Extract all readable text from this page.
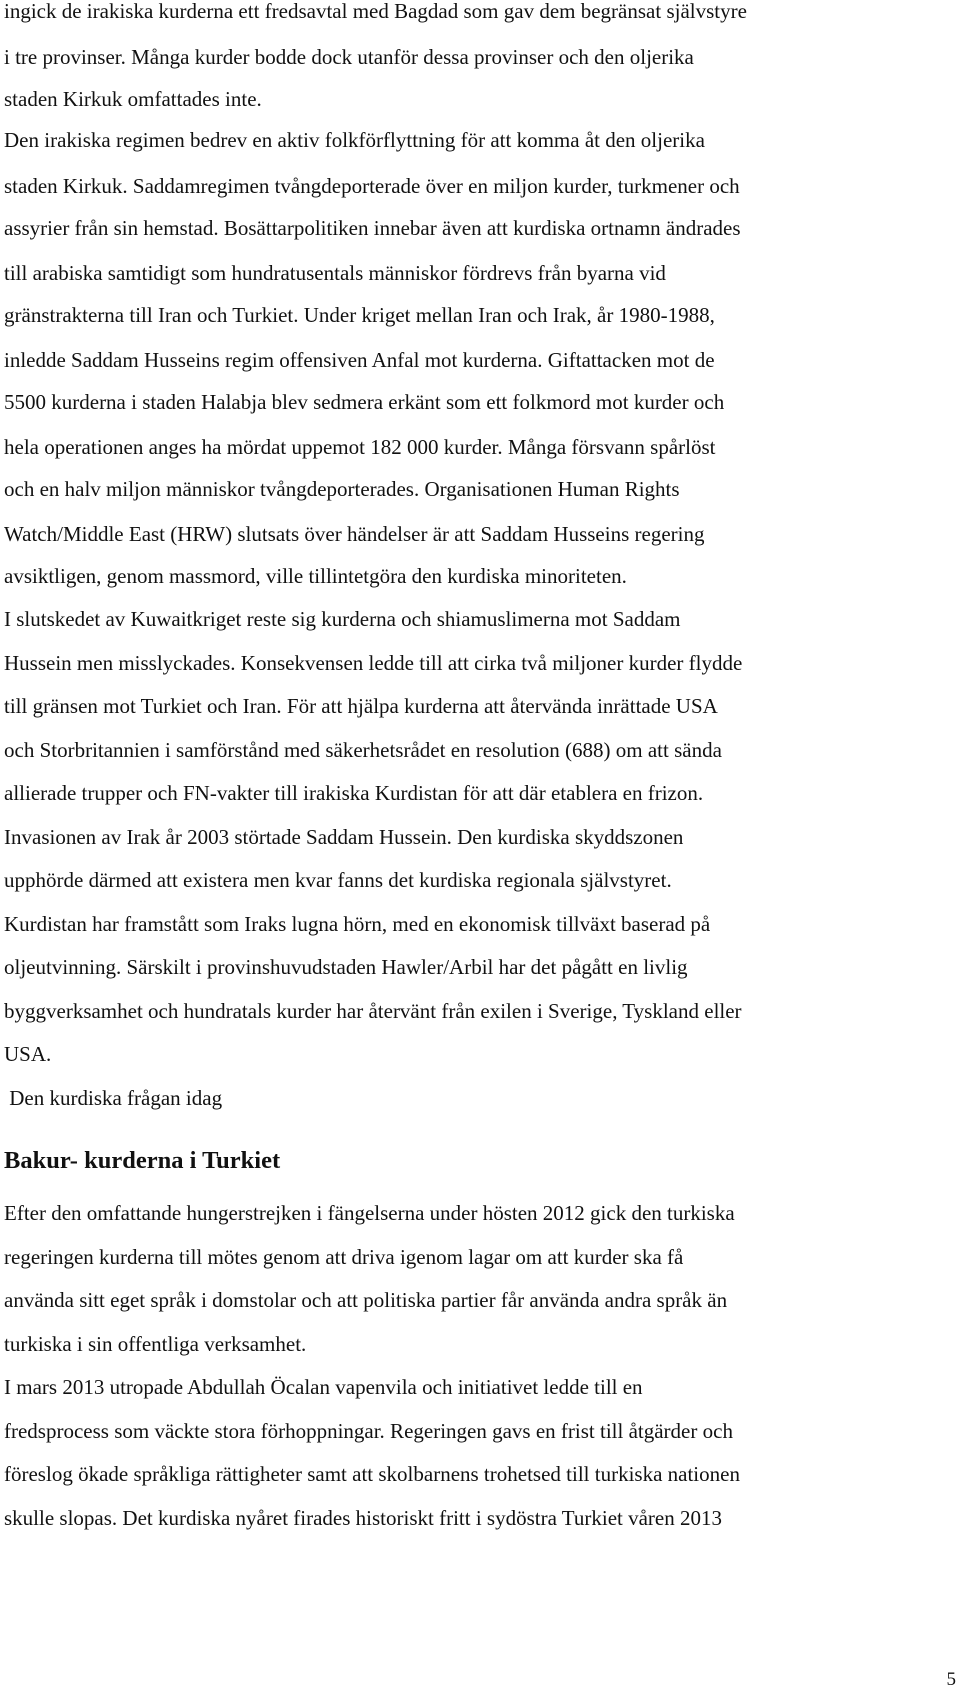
ingick de irakiska kurderna ett fredsavtal med Bagdad som gav dem begränsat självstyre

i tre provinser. Många kurder bodde dock utanför dessa provinser och den oljerika

staden Kirkuk omfattades inte.

Den irakiska regimen bedrev en aktiv folkförflyttning för att komma åt den oljerika

staden Kirkuk. Saddamregimen tvångdeporterade över en miljon kurder, turkmener och

assyrier från sin hemstad. Bosättarpolitiken innebar även att kurdiska ortnamn ändrades

till arabiska samtidigt som hundratusentals människor fördrevs från byarna vid

gränstrakterna till Iran och Turkiet. Under kriget mellan Iran och Irak, år 1980-1988,

inledde Saddam Husseins regim offensiven Anfal mot kurderna. Giftattacken mot de

5500 kurderna i staden Halabja blev sedmera erkänt som ett folkmord mot kurder och

hela operationen anges ha mördat uppemot 182 000 kurder. Många försvann spårlöst

och en halv miljon människor tvångdeporterades. Organisationen Human Rights

Watch/Middle East (HRW) slutsats över händelser är att Saddam Husseins regering

avsiktligen, genom massmord, ville tillintetgöra den kurdiska minoriteten.

I slutskedet av Kuwaitkriget reste sig kurderna och shiamuslimerna mot Saddam

Hussein men misslyckades. Konsekvensen ledde till att cirka två miljoner kurder flydde

till gränsen mot Turkiet och Iran. För att hjälpa kurderna att återvända inrättade USA

och Storbritannien i samförstånd med säkerhetsrådet en resolution (688) om att sända

allierade trupper och FN-vakter till irakiska Kurdistan för att där etablera en frizon.

Invasionen av Irak år 2003 störtade Saddam Hussein. Den kurdiska skyddszonen

upphörde därmed att existera men kvar fanns det kurdiska regionala självstyret.

Kurdistan har framstått som Iraks lugna hörn, med en ekonomisk tillväxt baserad på

oljeutvinning. Särskilt i provinshuvudstaden Hawler/Arbil har det pågått en livlig

byggverksamhet och hundratals kurder har återvänt från exilen i Sverige, Tyskland eller

USA.

Den kurdiska frågan idag

Bakur- kurderna i Turkiet

Efter den omfattande hungerstrejken i fängelserna under hösten 2012 gick den turkiska

regeringen kurderna till mötes genom att driva igenom lagar om att kurder ska få

använda sitt eget språk i domstolar och att politiska partier får använda andra språk än

turkiska i sin offentliga verksamhet.

I mars 2013 utropade Abdullah Öcalan vapenvila och initiativet ledde till en

fredsprocess som väckte stora förhoppningar. Regeringen gavs en frist till åtgärder och

föreslog ökade språkliga rättigheter samt att skolbarnens trohetsed till turkiska nationen

skulle slopas. Det kurdiska nyåret firades historiskt fritt i sydöstra Turkiet våren 2013

5
